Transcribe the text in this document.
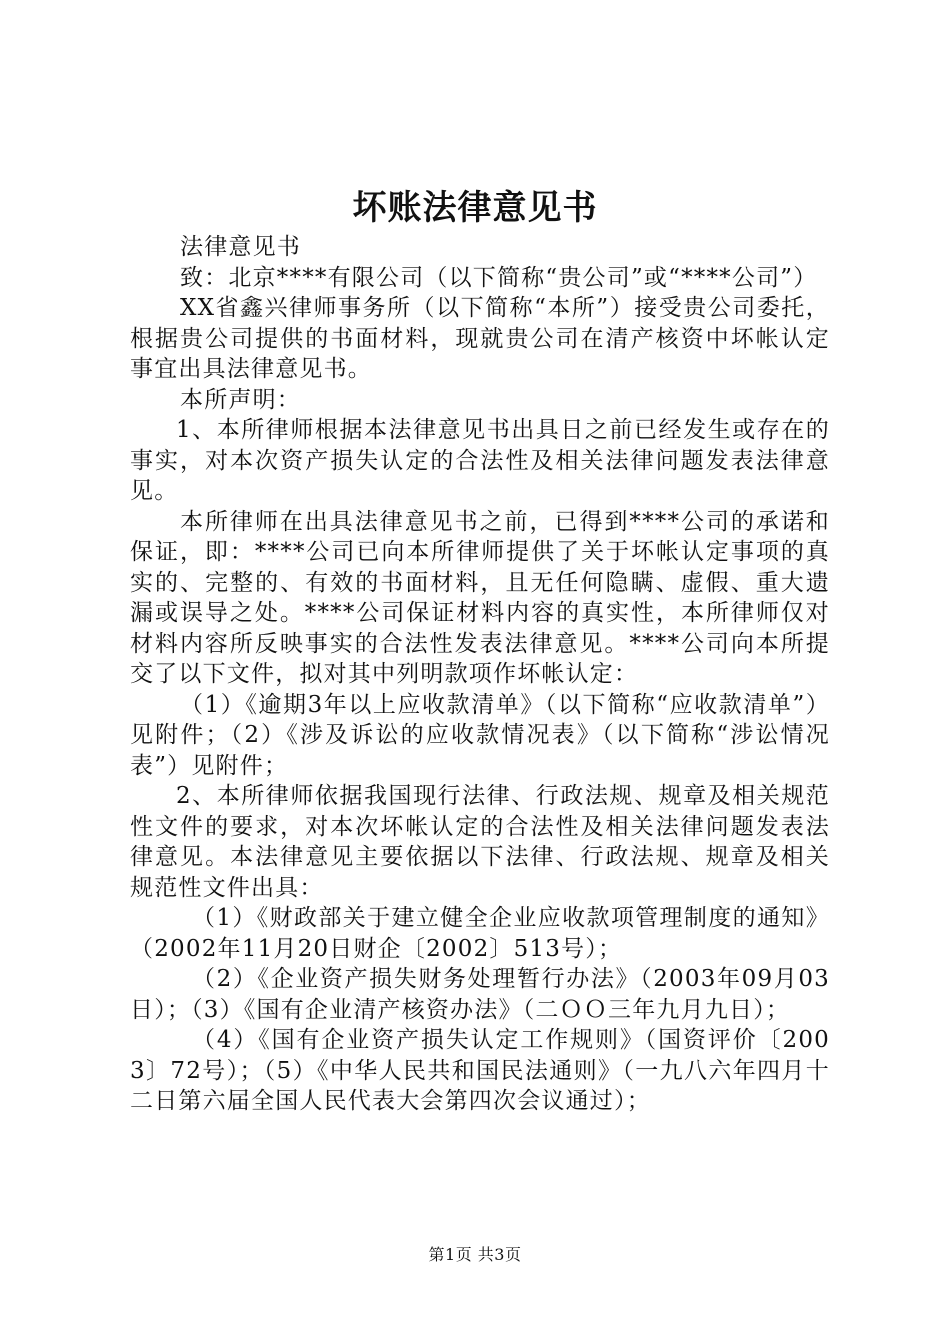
坏账法律意见书

法律意见书

致：北京****有限公司（以下简称“贵公司”或“****公司”）

XX省鑫兴律师事务所（以下简称“本所”）接受贵公司委托，根据贵公司提供的书面材料，现就贵公司在清产核资中坏帐认定事宜出具法律意见书。

本所声明：

1、本所律师根据本法律意见书出具日之前已经发生或存在的事实，对本次资产损失认定的合法性及相关法律问题发表法律意见。

本所律师在出具法律意见书之前，已得到****公司的承诺和保证，即：****公司已向本所律师提供了关于坏帐认定事项的真实的、完整的、有效的书面材料，且无任何隐瞒、虚假、重大遗漏或误导之处。****公司保证材料内容的真实性，本所律师仅对材料内容所反映事实的合法性发表法律意见。****公司向本所提交了以下文件，拟对其中列明款项作坏帐认定：

（1）《逾期3年以上应收款清单》（以下简称“应收款清单”）见附件；（2）《涉及诉讼的应收款情况表》（以下简称“涉讼情况表”）见附件；

2、本所律师依据我国现行法律、行政法规、规章及相关规范性文件的要求，对本次坏帐认定的合法性及相关法律问题发表法律意见。本法律意见主要依据以下法律、行政法规、规章及相关规范性文件出具：

（1）《财政部关于建立健全企业应收款项管理制度的通知》（2002年11月20日财企〔2002〕513号）；

（2）《企业资产损失财务处理暂行办法》（2003年09月03日）；（3）《国有企业清产核资办法》（二ＯＯ三年九月九日）；

（4）《国有企业资产损失认定工作规则》（国资评价〔2003〕72号）；（5）《中华人民共和国民法通则》（一九八六年四月十二日第六届全国人民代表大会第四次会议通过）；

第1页 共3页
